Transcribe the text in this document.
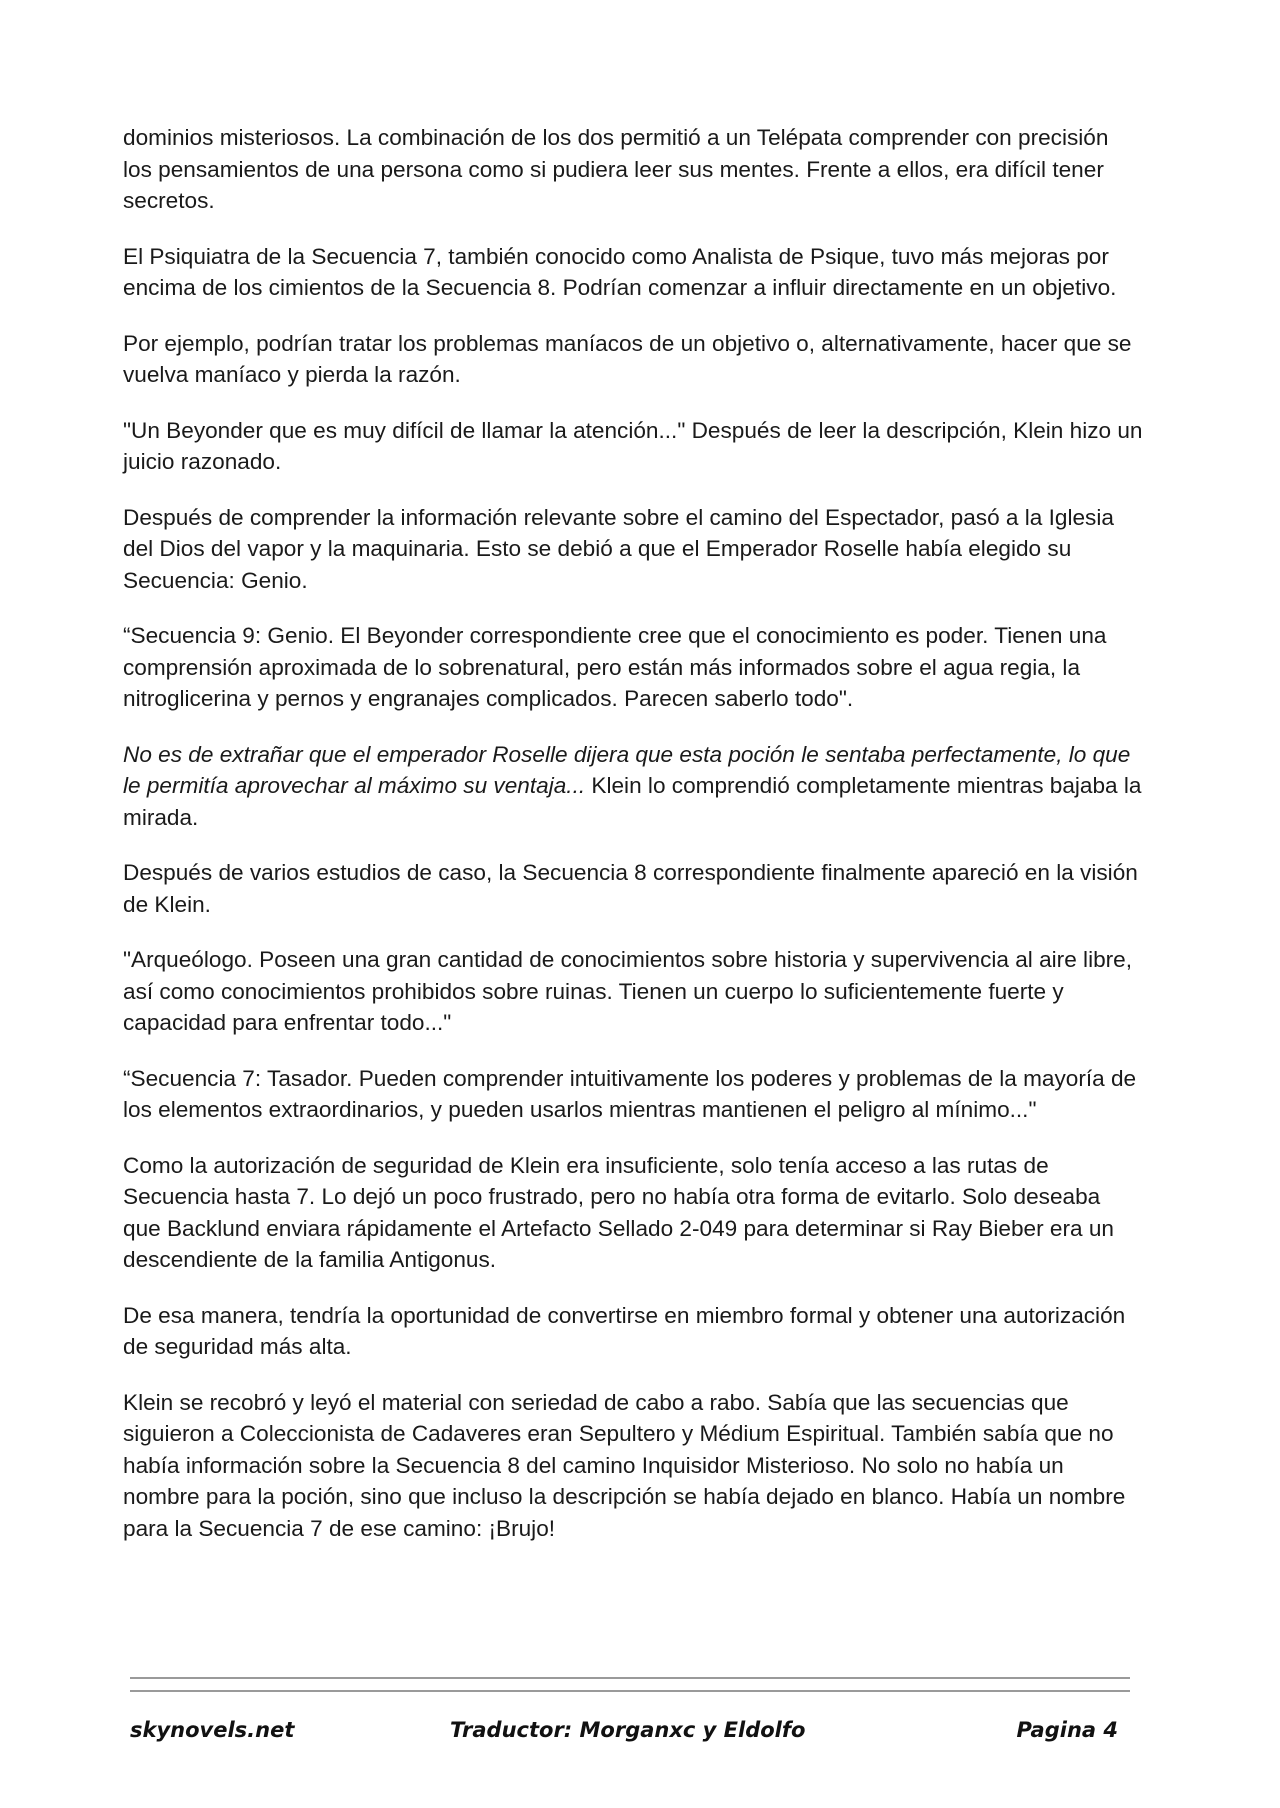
dominios misteriosos. La combinación de los dos permitió a un Telépata comprender con precisión los pensamientos de una persona como si pudiera leer sus mentes. Frente a ellos, era difícil tener secretos.

El Psiquiatra de la Secuencia 7, también conocido como Analista de Psique, tuvo más mejoras por encima de los cimientos de la Secuencia 8. Podrían comenzar a influir directamente en un objetivo.

Por ejemplo, podrían tratar los problemas maníacos de un objetivo o, alternativamente, hacer que se vuelva maníaco y pierda la razón.

"Un Beyonder que es muy difícil de llamar la atención..." Después de leer la descripción, Klein hizo un juicio razonado.

Después de comprender la información relevante sobre el camino del Espectador, pasó a la Iglesia del Dios del vapor y la maquinaria. Esto se debió a que el Emperador Roselle había elegido su Secuencia: Genio.

“Secuencia 9: Genio. El Beyonder correspondiente cree que el conocimiento es poder. Tienen una comprensión aproximada de lo sobrenatural, pero están más informados sobre el agua regia, la nitroglicerina y pernos y engranajes complicados. Parecen saberlo todo".

No es de extrañar que el emperador Roselle dijera que esta poción le sentaba perfectamente, lo que le permitía aprovechar al máximo su ventaja... Klein lo comprendió completamente mientras bajaba la mirada.

Después de varios estudios de caso, la Secuencia 8 correspondiente finalmente apareció en la visión de Klein.

"Arqueólogo. Poseen una gran cantidad de conocimientos sobre historia y supervivencia al aire libre, así como conocimientos prohibidos sobre ruinas. Tienen un cuerpo lo suficientemente fuerte y capacidad para enfrentar todo..."

“Secuencia 7: Tasador. Pueden comprender intuitivamente los poderes y problemas de la mayoría de los elementos extraordinarios, y pueden usarlos mientras mantienen el peligro al mínimo..."

Como la autorización de seguridad de Klein era insuficiente, solo tenía acceso a las rutas de Secuencia hasta 7. Lo dejó un poco frustrado, pero no había otra forma de evitarlo. Solo deseaba que Backlund enviara rápidamente el Artefacto Sellado 2-049 para determinar si Ray Bieber era un descendiente de la familia Antigonus.

De esa manera, tendría la oportunidad de convertirse en miembro formal y obtener una autorización de seguridad más alta.

Klein se recobró y leyó el material con seriedad de cabo a rabo. Sabía que las secuencias que siguieron a Coleccionista de Cadaveres eran Sepultero y Médium Espiritual. También sabía que no había información sobre la Secuencia 8 del camino Inquisidor Misterioso. No solo no había un nombre para la poción, sino que incluso la descripción se había dejado en blanco. Había un nombre para la Secuencia 7 de ese camino: ¡Brujo!

skynovels.net	Traductor: Morganxc y Eldolfo	Pagina 4
